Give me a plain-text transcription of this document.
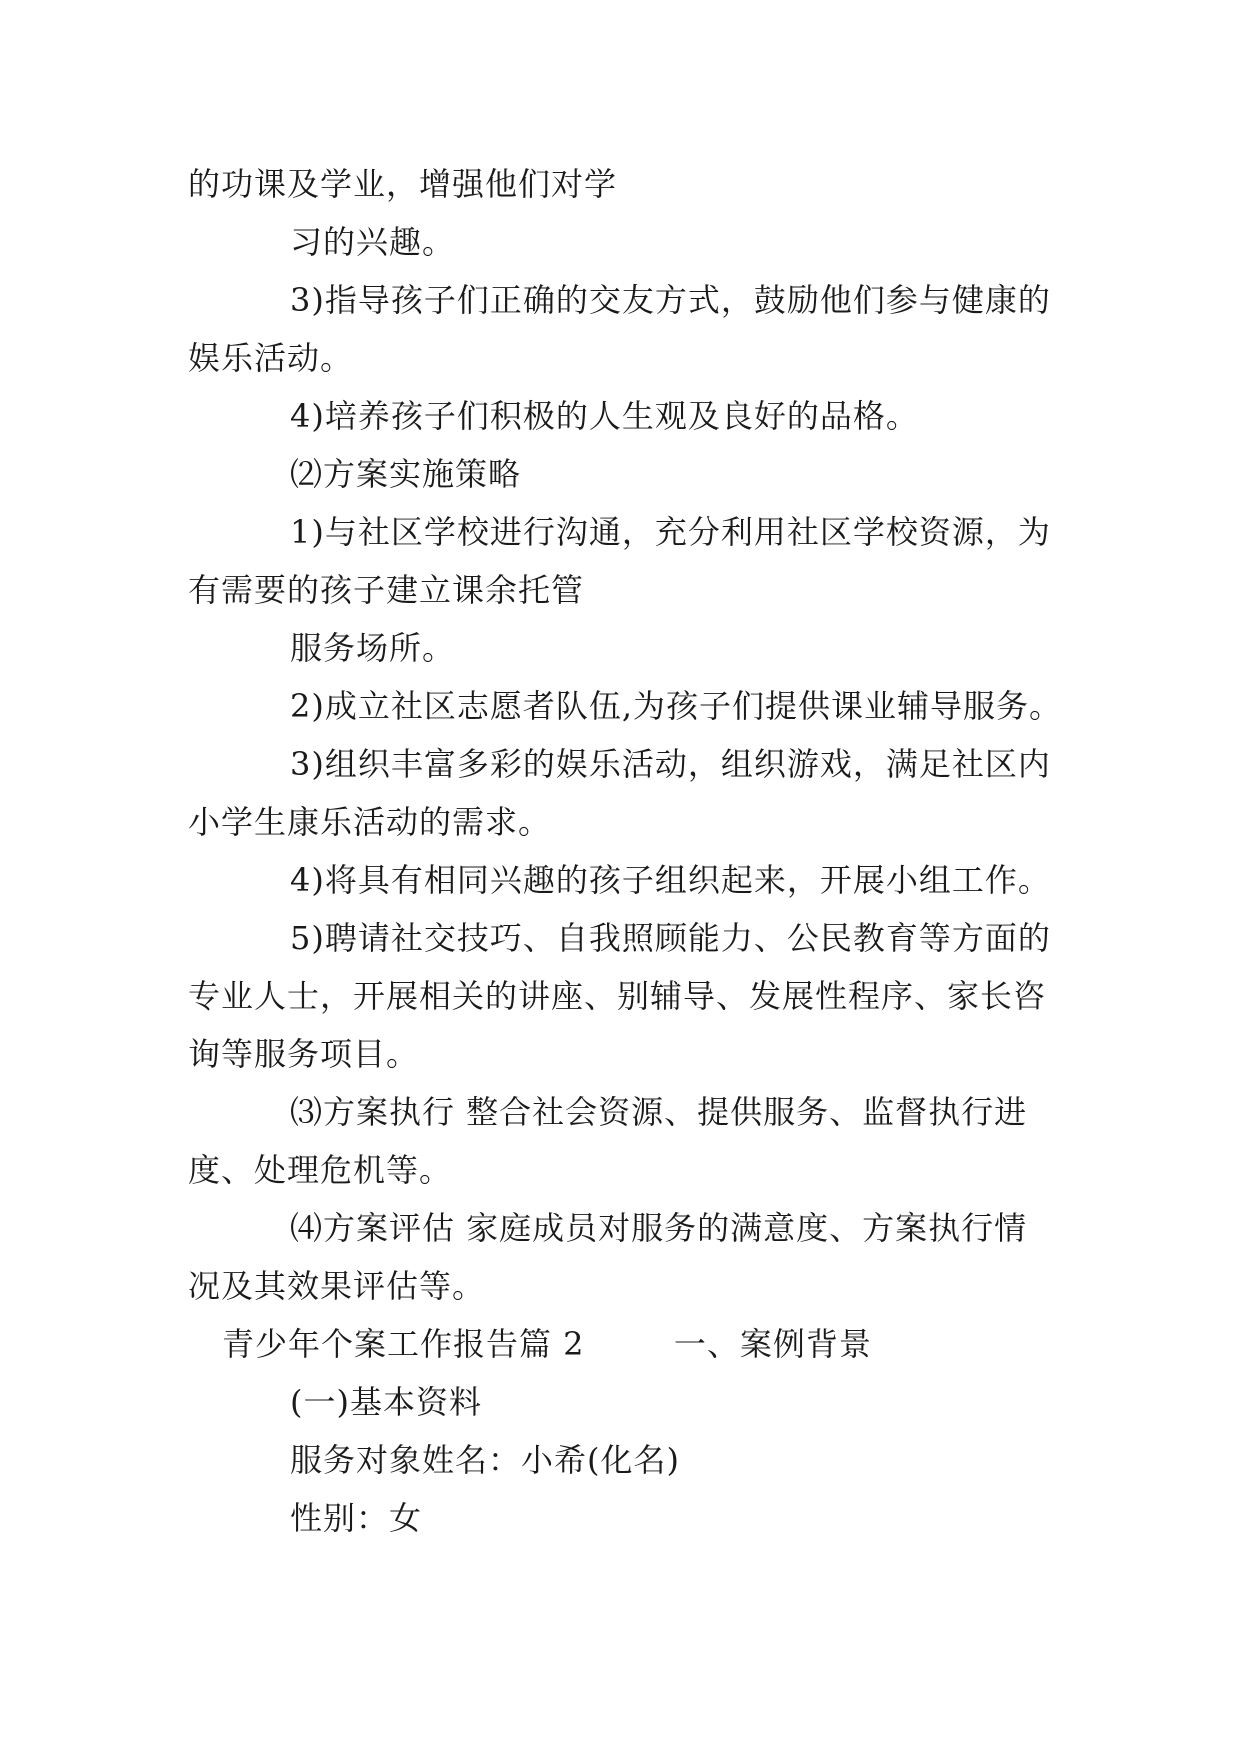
的功课及学业，增强他们对学

习的兴趣。

3)指导孩子们正确的交友方式，鼓励他们参与健康的

娱乐活动。

4)培养孩子们积极的人生观及良好的品格。

⑵方案实施策略

1)与社区学校进行沟通，充分利用社区学校资源，为

有需要的孩子建立课余托管

服务场所。

2)成立社区志愿者队伍,为孩子们提供课业辅导服务。

3)组织丰富多彩的娱乐活动，组织游戏，满足社区内

小学生康乐活动的需求。

4)将具有相同兴趣的孩子组织起来，开展小组工作。

5)聘请社交技巧、自我照顾能力、公民教育等方面的

专业人士，开展相关的讲座、别辅导、发展性程序、家长咨

询等服务项目。

⑶方案执行 整合社会资源、提供服务、监督执行进

度、处理危机等。

⑷方案评估 家庭成员对服务的满意度、方案执行情

况及其效果评估等。

青少年个案工作报告篇 2        一、案例背景

(一)基本资料

服务对象姓名：小希(化名)

性别：女
